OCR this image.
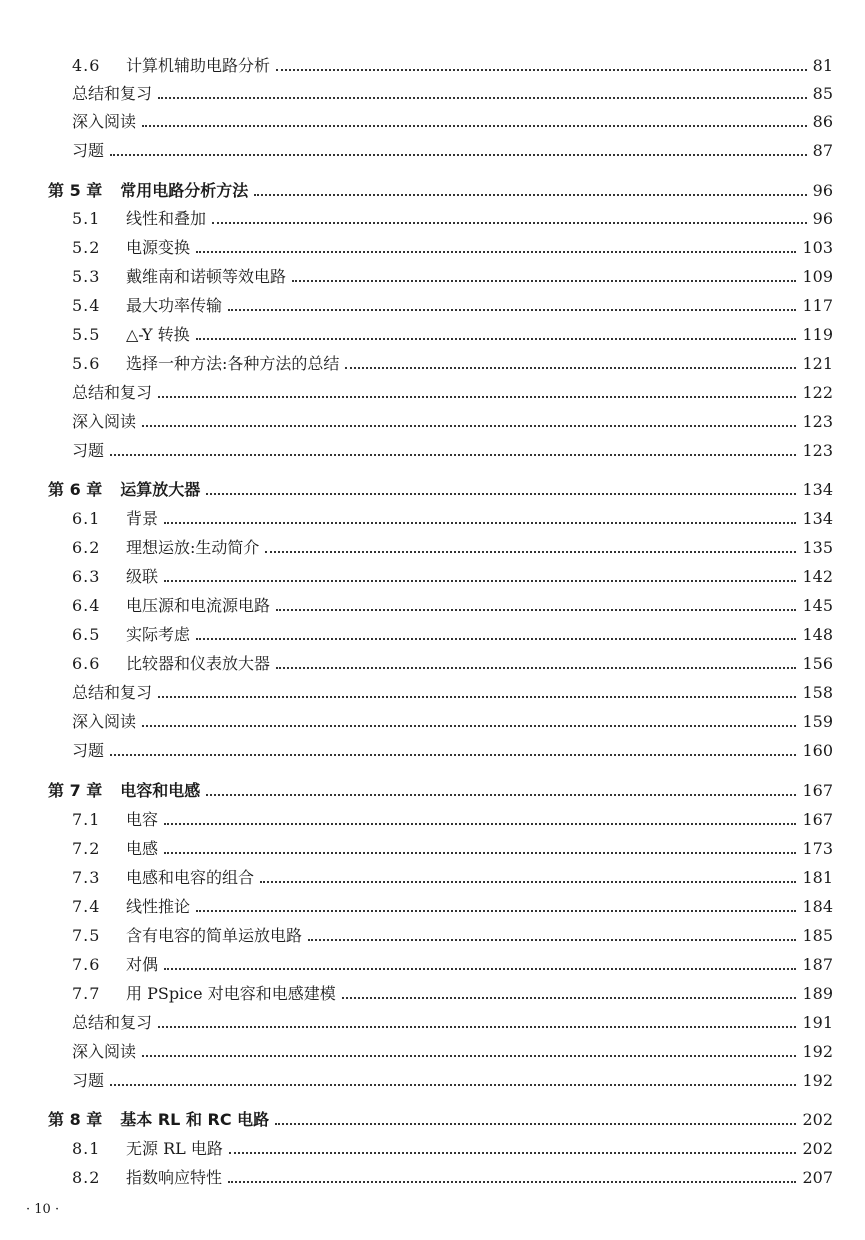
4.6	计算机辅助电路分析	81
总结和复习	85
深入阅读	86
习题	87
第 5 章 常用电路分析方法	96
5.1	线性和叠加	96
5.2	电源变换	103
5.3	戴维南和诺顿等效电路	109
5.4	最大功率传输	117
5.5	△-Y 转换	119
5.6	选择一种方法:各种方法的总结	121
总结和复习	122
深入阅读	123
习题	123
第 6 章 运算放大器	134
6.1	背景	134
6.2	理想运放:生动简介	135
6.3	级联	142
6.4	电压源和电流源电路	145
6.5	实际考虑	148
6.6	比较器和仪表放大器	156
总结和复习	158
深入阅读	159
习题	160
第 7 章 电容和电感	167
7.1	电容	167
7.2	电感	173
7.3	电感和电容的组合	181
7.4	线性推论	184
7.5	含有电容的简单运放电路	185
7.6	对偶	187
7.7	用 PSpice 对电容和电感建模	189
总结和复习	191
深入阅读	192
习题	192
第 8 章 基本 RL 和 RC 电路	202
8.1	无源 RL 电路	202
8.2	指数响应特性	207
· 10 ·
